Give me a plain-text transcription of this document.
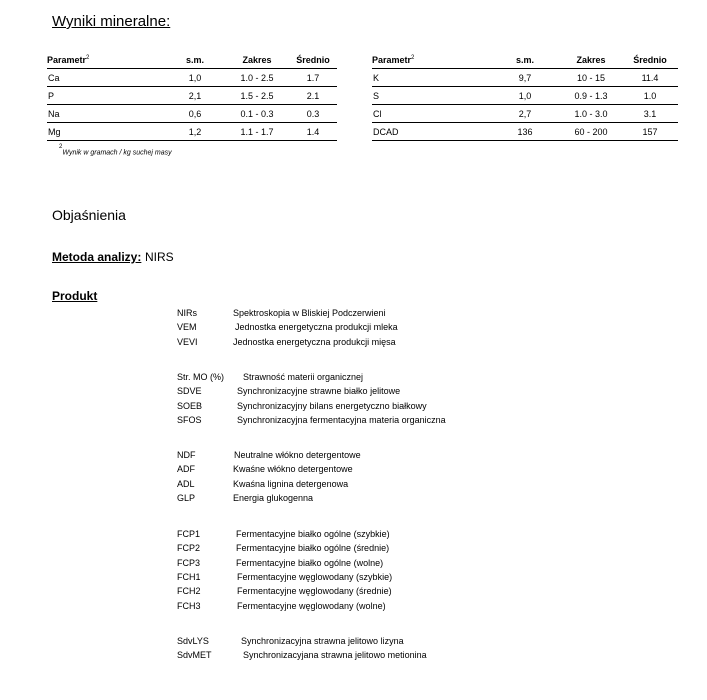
Wyniki mineralne:
Parametr$^2$	s.m.	Zakres	Średnio
Ca	1,0	1.0 - 2.5	1.7
P	2,1	1.5 - 2.5	2.1
Na	0,6	0.1 - 0.3	0.3
Mg	1,2	1.1 - 1.7	1.4
Parametr$^2$	s.m.	Zakres	Średnio
K	9,7	10 - 15	11.4
S	1,0	0.9 - 1.3	1.0
Cl	2,7	1.0 - 3.0	3.1
DCAD	136	60 - 200	157
$^2$Wynik w gramach / kg suchej masy
Objaśnienia
Metoda analizy: NIRS
Produkt
NIRs	Spektroskopia w Bliskiej Podczerwieni
VEM	Jednostka energetyczna produkcji mleka
VEVI	Jednostka energetyczna produkcji mięsa
Str. MO (%) Strawność materii organicznej
SDVE	Synchronizacyjne strawne białko jelitowe
SOEB	Synchronizacyjny bilans energetyczno białkowy
SFOS	Synchronizacyjna fermentacyjna materia organiczna
NDF	Neutralne włókno detergentowe
ADF	Kwaśne włókno detergentowe
ADL	Kwaśna lignina detergenowa
GLP	Energia glukogenna
FCP1	Fermentacyjne białko ogólne (szybkie)
FCP2	Fermentacyjne białko ogólne (średnie)
FCP3	Fermentacyjne białko ogólne (wolne)
FCH1	Fermentacyjne węglowodany (szybkie)
FCH2	Fermentacyjne węglowodany (średnie)
FCH3	Fermentacyjne węglowodany (wolne)
SdvLYS	Synchronizacyjna strawna jelitowo lizyna
SdvMET	Synchronizacyjana strawna jelitowo metionina
